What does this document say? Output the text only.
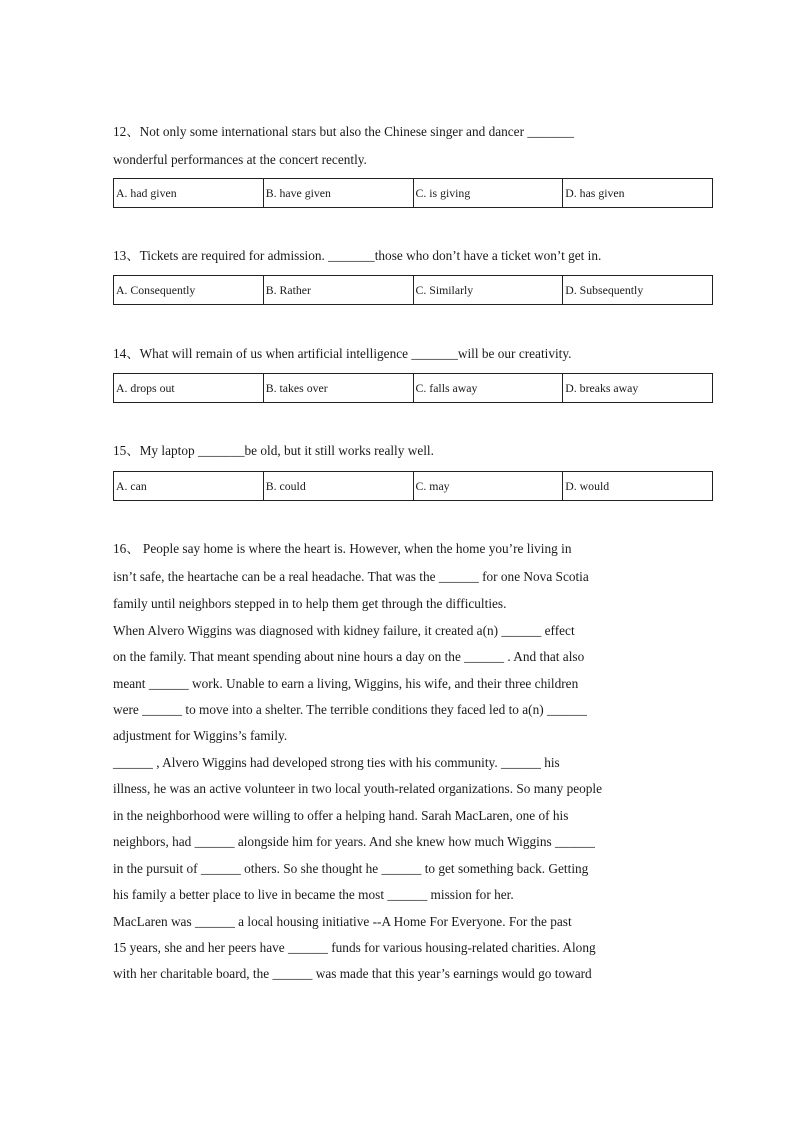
12、Not only some international stars but also the Chinese singer and dancer _______
wonderful performances at the concert recently.
A. had given	B. have given	C. is giving	D. has given
13、Tickets are required for admission. _______those who don’t have a ticket won’t get in.
A. Consequently	B. Rather	C. Similarly	D. Subsequently
14、What will remain of us when artificial intelligence _______will be our creativity.
A. drops out	B. takes over	C. falls away	D. breaks away
15、My laptop _______be old, but it still works really well.
A. can	B. could	C. may	D. would
16、 People say home is where the heart is. However, when the home you’re living in
isn’t safe, the heartache can be a real headache. That was the ______ for one Nova Scotia
family until neighbors stepped in to help them get through the difficulties.
When Alvero Wiggins was diagnosed with kidney failure, it created a(n) ______ effect
on the family. That meant spending about nine hours a day on the ______ . And that also
meant ______ work. Unable to earn a living, Wiggins, his wife, and their three children
were ______ to move into a shelter. The terrible conditions they faced led to a(n) ______
adjustment for Wiggins’s family.
______ , Alvero Wiggins had developed strong ties with his community. ______ his
illness, he was an active volunteer in two local youth-related organizations. So many people
in the neighborhood were willing to offer a helping hand. Sarah MacLaren, one of his
neighbors, had ______ alongside him for years. And she knew how much Wiggins ______
in the pursuit of ______ others. So she thought he ______ to get something back. Getting
his family a better place to live in became the most ______ mission for her.
MacLaren was ______ a local housing initiative --A Home For Everyone. For the past
15 years, she and her peers have ______ funds for various housing-related charities. Along
with her charitable board, the ______ was made that this year’s earnings would go toward
